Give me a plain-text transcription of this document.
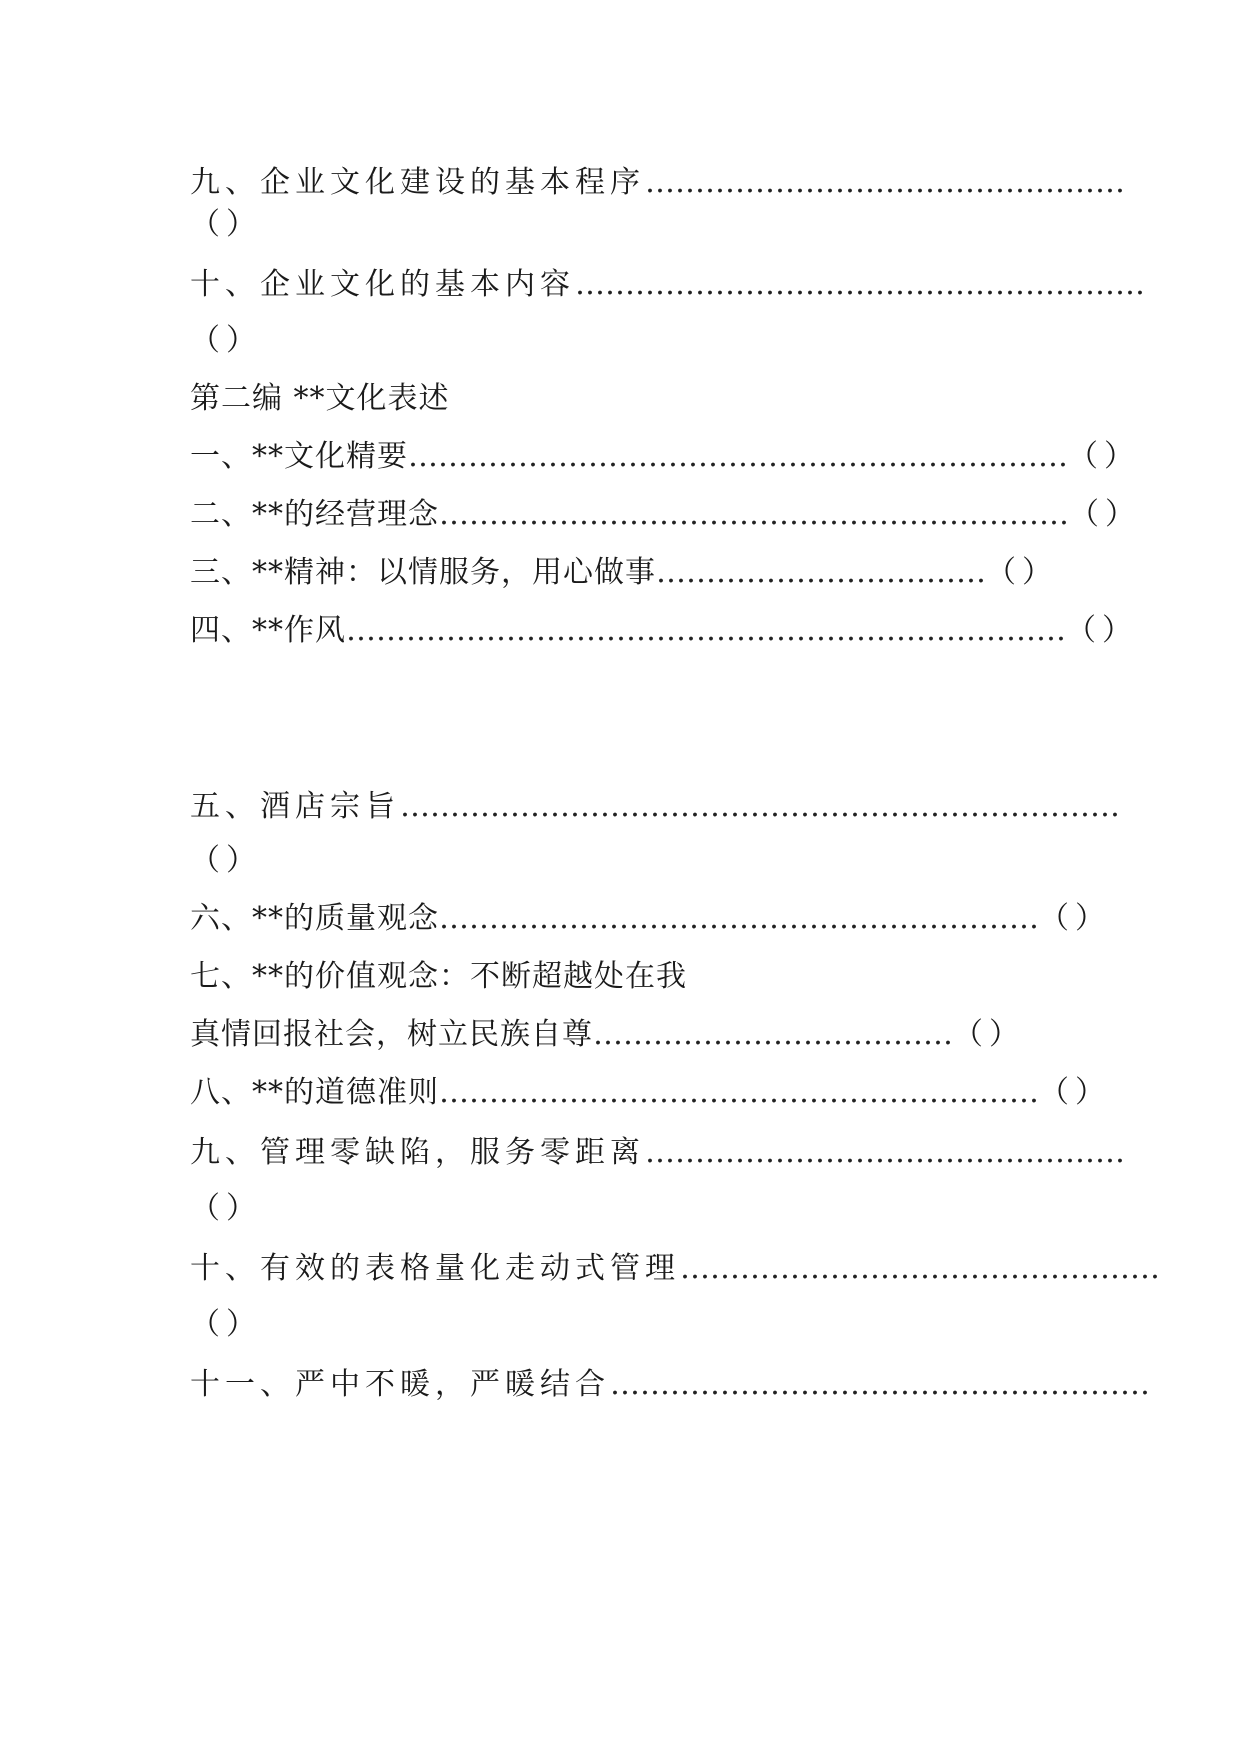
九、企业文化建设的基本程序…………………………………………
（）
十、企业文化的基本内容…………………………………………………
（）
第二编 **文化表述
一、**文化精要…………………………………………………………（）
二、**的经营理念………………………………………………………（）
三、**精神：以情服务，用心做事……………………………（）
四、**作风………………………………………………………………（）
五、酒店宗旨………………………………………………………………
（）
六、**的质量观念……………………………………………………（）
七、**的价值观念：不断超越处在我
真情回报社会，树立民族自尊………………………………（）
八、**的道德准则……………………………………………………（）
九、管理零缺陷，服务零距离…………………………………………
（）
十、有效的表格量化走动式管理…………………………………………
（）
十一、严中不暖，严暖结合………………………………………………
